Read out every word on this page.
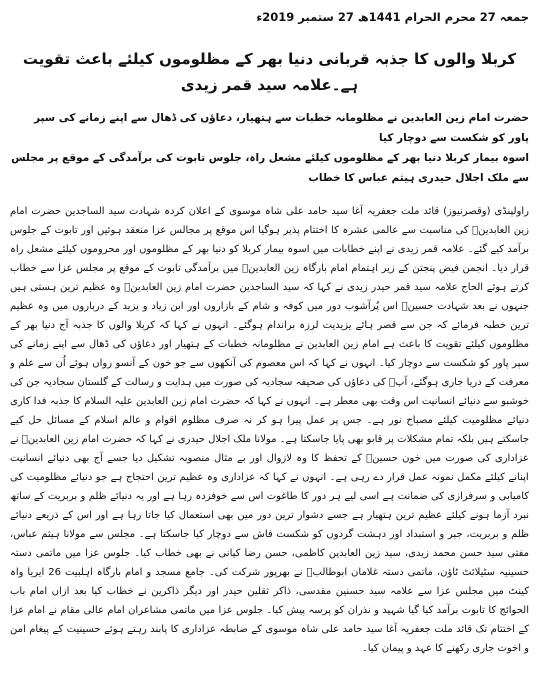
جمعہ 27 محرم الحرام 1441ھ 27 ستمبر 2019ء
کربلا والوں کا جذبہ قربانی دنیا بھر کے مظلوموں کیلئے باعث تقویت ہے۔علامہ سید قمر زیدی
حضرت امام زین العابدین نے مظلومانہ خطبات سے ہتھیار، دعاؤں کی ڈھال سے اپنے زمانے کی سپر پاور کو شکست سے دوچار کیا
اسوہ بیمار کربلا دنیا بھر کے مظلوموں کیلئے مشعل راہ، جلوس تابوت کی برآمدگی کے موقع پر مجلس سے ملک اجلال حیدری ہیثم عباس کا خطاب
راولپنڈی (وقصرنیوز) قائد ملت جعفریہ آغا سید حامد علی شاہ موسوی کے اعلان کردہ شہادت سید الساجدین حضرت امام زین العابدینؑ کی مناسبت سے عالمی عشرہ کا اختتام پذیر ہوگیا اس موقع پر مجالس عزا منعقد ہوئیں اور تابوت کے جلوس برآمد کیے گئے۔ علامہ قمر زیدی نے اپنے خطابات میں اسوہ بیمار کربلا کو دنیا بھر کے مظلوموں اور محروموں کیلئے مشعل راہ قرار دیا۔ انجمن فیض پنجتن کے زیر اہتمام امام بارگاہ زین العابدینؑ میں برآمدگی تابوت کے موقع پر مجلس عزا سے خطاب کرتے ہوئے الحاج علامہ سید قمر حیدر زیدی نے کہا کہ سید الساجدین حضرت امام زین العابدینؑ وہ عظیم ترین ہستی ہیں جنہوں نے بعد شہادت حسینؑ اس پُرآشوب دور میں کوفہ و شام کے بازاروں اور ابن زیاد و یزید کے درباروں میں وہ عظیم ترین خطبہ فرمائے کہ جن سے قصر ہائے یزیدیت لرزہ براندام ہوگئے۔ انہوں نے کہا کہ کربلا والوں کا جذبہ آج دنیا بھر کے مظلوموں کیلئے تقویت کا باعث ہے امام زین العابدین نے مظلومانہ خطبات کے ہتھیار اور دعاؤں کی ڈھال سے اپنے زمانے کی سپر پاور کو شکست سے دوچار کیا۔ انہوں نے کہا کہ اس معصوم کی آنکھوں سے جو خون کے آنسو رواں ہوئے اُن سے علم و معرفت کے دریا جاری ہوگئے، آپؑ کی دعاؤں کی صحیفہ سجادیہ کی صورت میں ہدایت و رسالت کے گلستان سجادیہ جن کی خوشبو سے دنیائے انسانیت اس وقت بھی معطر ہے۔ انہوں نے کہا کہ حضرت امام زین العابدین علیہ السلام کا جذبہ فدا کاری دنیائے مظلومیت کیلئے مصباح نور ہے۔ جس پر عمل پیرا ہو کر نہ صرف مظلوم اقوام و عالم اسلام کے مسائل حل کیے جاسکتے ہیں بلکہ تمام مشکلات پر قابو بھی پایا جاسکتا ہے۔ مولانا ملک اجلال حیدری نے کہا کہ حضرت امام زین العابدینؑ نے عزاداری کی صورت میں خون حسینؑ کے تحفظ کا وہ لازوال اور بے مثال منصوبہ تشکیل دیا جسے آج بھی دنیائے انسانیت اپنانے کیلئے مکمل نمونہ عمل قرار دے رہی ہے۔ انہوں نے کہا کہ عزاداری وہ عظیم ترین احتجاج ہے جو دنیائے مظلومیت کی کامیابی و سرفرازی کی ضمانت ہے اسی لیے ہر دور کا طاغوت اس سے خوفزدہ رہا ہے اور یہ دنیائے ظلم و بربریت کے ساتھ نبرد آزما ہونے کیلئے عظیم ترین ہتھیار ہے جسے دشوار ترین دور میں بھی استعمال کیا جاتا رہا ہے اور اس کے ذریعے دنیائے ظلم و بربریت، جبر و استبداد اور دہشت گردوں کو شکست فاش سے دوچار کیا جاسکتا ہے۔ مجلس سے مولانا ہیثم عباس، مفتی سید حسن محمد زیدی، سید زین العابدین کاظمی، حسن رضا کیانی نے بھی خطاب کیا۔ جلوس عزا میں ماتمی دستہ حسینیہ سٹیلائٹ ٹاؤن، ماتمی دستہ غلامان ابوطالبؑ نے بھرپور شرکت کی۔ جامع مسجد و امام بارگاہ اہلبیت 26 ایریا واہ کینٹ میں مجلس عزا سے علامہ سید حسنین مقدسی، ذاکر ثقلین حیدر اور دیگر ذاکرین نے خطاب کیا بعد ازاں امام باب الحوائج کا تابوت برآمد کیا گیا شہید و نذران کو پرسہ پیش کیا۔ جلوس عزا میں ماتمی مشاعران امام عالی مقام نے امام عزا کے اختتام تک قائد ملت جعفریہ آغا سید حامد علی شاہ موسوی کے ضابطہ عزاداری کا پابند رہتے ہوئے حسینیت کے پیغام امن و اخوت جاری رکھنے کا عہد و پیمان کیا۔
